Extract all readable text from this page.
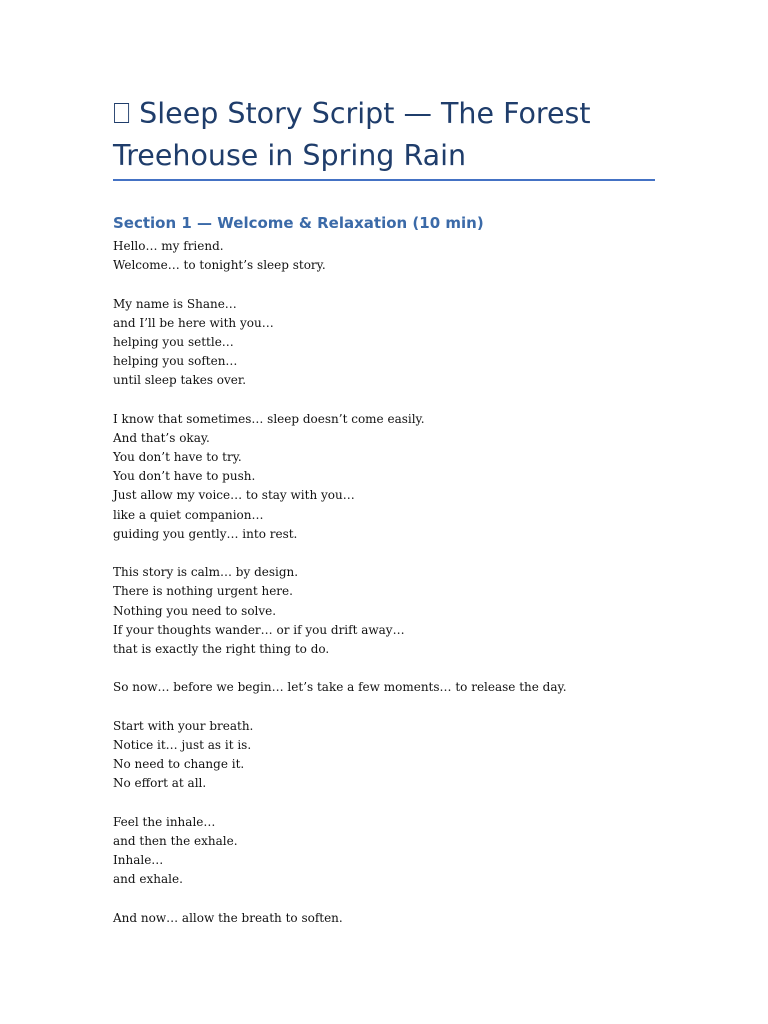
⎕ Sleep Story Script — The Forest Treehouse in Spring Rain
Section 1 — Welcome & Relaxation (10 min)
Hello… my friend.
Welcome… to tonight’s sleep story.
My name is Shane…
and I’ll be here with you…
helping you settle…
helping you soften…
until sleep takes over.
I know that sometimes… sleep doesn’t come easily.
And that’s okay.
You don’t have to try.
You don’t have to push.
Just allow my voice… to stay with you…
like a quiet companion…
guiding you gently… into rest.
This story is calm… by design.
There is nothing urgent here.
Nothing you need to solve.
If your thoughts wander… or if you drift away…
that is exactly the right thing to do.
So now… before we begin… let’s take a few moments… to release the day.
Start with your breath.
Notice it… just as it is.
No need to change it.
No effort at all.
Feel the inhale…
and then the exhale.
Inhale…
and exhale.
And now… allow the breath to soften.
